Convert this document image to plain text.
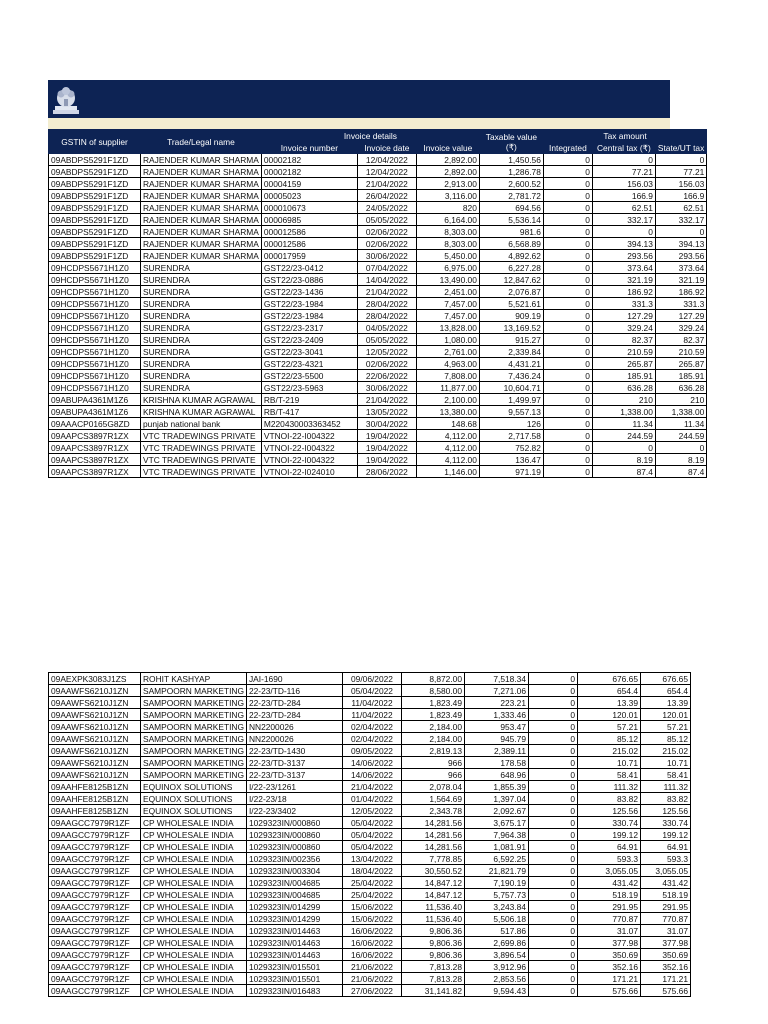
GSTIN of supplier	Trade/Legal name	Invoice details			Taxable value (₹)	Tax amount		
		Invoice number	Invoice date	Invoice value		Integrated	Central tax (₹)	State/UT tax
09ABDPS5291F1ZD	RAJENDER KUMAR SHARMA	00002182	12/04/2022	2,892.00	1,450.56	0	0	0
09ABDPS5291F1ZD	RAJENDER KUMAR SHARMA	00002182	12/04/2022	2,892.00	1,286.78	0	77.21	77.21
09ABDPS5291F1ZD	RAJENDER KUMAR SHARMA	00004159	21/04/2022	2,913.00	2,600.52	0	156.03	156.03
09ABDPS5291F1ZD	RAJENDER KUMAR SHARMA	00005023	26/04/2022	3,116.00	2,781.72	0	166.9	166.9
09ABDPS5291F1ZD	RAJENDER KUMAR SHARMA	000010673	24/05/2022	820	694.56	0	62.51	62.51
09ABDPS5291F1ZD	RAJENDER KUMAR SHARMA	00006985	05/05/2022	6,164.00	5,536.14	0	332.17	332.17
09ABDPS5291F1ZD	RAJENDER KUMAR SHARMA	000012586	02/06/2022	8,303.00	981.6	0	0	0
09ABDPS5291F1ZD	RAJENDER KUMAR SHARMA	000012586	02/06/2022	8,303.00	6,568.89	0	394.13	394.13
09ABDPS5291F1ZD	RAJENDER KUMAR SHARMA	000017959	30/06/2022	5,450.00	4,892.62	0	293.56	293.56
09HCDPS5671H1Z0	SURENDRA	GST22/23-0412	07/04/2022	6,975.00	6,227.28	0	373.64	373.64
09HCDPS5671H1Z0	SURENDRA	GST22/23-0886	14/04/2022	13,490.00	12,847.62	0	321.19	321.19
09HCDPS5671H1Z0	SURENDRA	GST22/23-1436	21/04/2022	2,451.00	2,076.87	0	186.92	186.92
09HCDPS5671H1Z0	SURENDRA	GST22/23-1984	28/04/2022	7,457.00	5,521.61	0	331.3	331.3
09HCDPS5671H1Z0	SURENDRA	GST22/23-1984	28/04/2022	7,457.00	909.19	0	127.29	127.29
09HCDPS5671H1Z0	SURENDRA	GST22/23-2317	04/05/2022	13,828.00	13,169.52	0	329.24	329.24
09HCDPS5671H1Z0	SURENDRA	GST22/23-2409	05/05/2022	1,080.00	915.27	0	82.37	82.37
09HCDPS5671H1Z0	SURENDRA	GST22/23-3041	12/05/2022	2,761.00	2,339.84	0	210.59	210.59
09HCDPS5671H1Z0	SURENDRA	GST22/23-4321	02/06/2022	4,963.00	4,431.21	0	265.87	265.87
09HCDPS5671H1Z0	SURENDRA	GST22/23-5500	22/06/2022	7,808.00	7,436.24	0	185.91	185.91
09HCDPS5671H1Z0	SURENDRA	GST22/23-5963	30/06/2022	11,877.00	10,604.71	0	636.28	636.28
09ABUPA4361M1Z6	KRISHNA KUMAR AGRAWAL	RB/T-219	21/04/2022	2,100.00	1,499.97	0	210	210
09ABUPA4361M1Z6	KRISHNA KUMAR AGRAWAL	RB/T-417	13/05/2022	13,380.00	9,557.13	0	1,338.00	1,338.00
09AAACP0165G8ZD	punjab national bank	M220430003363452	30/04/2022	148.68	126	0	11.34	11.34
09AAPCS3897R1ZX	VTC TRADEWINGS PRIVATE	VTNOI-22-I004322	19/04/2022	4,112.00	2,717.58	0	244.59	244.59
09AAPCS3897R1ZX	VTC TRADEWINGS PRIVATE	VTNOI-22-I004322	19/04/2022	4,112.00	752.82	0	0	0
09AAPCS3897R1ZX	VTC TRADEWINGS PRIVATE	VTNOI-22-I004322	19/04/2022	4,112.00	136.47	0	8.19	8.19
09AAPCS3897R1ZX	VTC TRADEWINGS PRIVATE	VTNOI-22-I024010	28/06/2022	1,146.00	971.19	0	87.4	87.4
09AEXPK3083J1ZS	ROHIT KASHYAP	JAI-1690	09/06/2022	8,872.00	7,518.34	0	676.65	676.65
09AAWFS6210J1ZN	SAMPOORN MARKETING	22-23/TD-116	05/04/2022	8,580.00	7,271.06	0	654.4	654.4
09AAWFS6210J1ZN	SAMPOORN MARKETING	22-23/TD-284	11/04/2022	1,823.49	223.21	0	13.39	13.39
09AAWFS6210J1ZN	SAMPOORN MARKETING	22-23/TD-284	11/04/2022	1,823.49	1,333.46	0	120.01	120.01
09AAWFS6210J1ZN	SAMPOORN MARKETING	NN2200026	02/04/2022	2,184.00	953.47	0	57.21	57.21
09AAWFS6210J1ZN	SAMPOORN MARKETING	NN2200026	02/04/2022	2,184.00	945.79	0	85.12	85.12
09AAWFS6210J1ZN	SAMPOORN MARKETING	22-23/TD-1430	09/05/2022	2,819.13	2,389.11	0	215.02	215.02
09AAWFS6210J1ZN	SAMPOORN MARKETING	22-23/TD-3137	14/06/2022	966	178.58	0	10.71	10.71
09AAWFS6210J1ZN	SAMPOORN MARKETING	22-23/TD-3137	14/06/2022	966	648.96	0	58.41	58.41
09AAHFE8125B1ZN	EQUINOX SOLUTIONS	I/22-23/1261	21/04/2022	2,078.04	1,855.39	0	111.32	111.32
09AAHFE8125B1ZN	EQUINOX SOLUTIONS	I/22-23/18	01/04/2022	1,564.69	1,397.04	0	83.82	83.82
09AAHFE8125B1ZN	EQUINOX SOLUTIONS	I/22-23/3402	12/05/2022	2,343.78	2,092.67	0	125.56	125.56
09AAGCC7979R1ZF	CP WHOLESALE INDIA	1029323IN/000860	05/04/2022	14,281.56	3,675.17	0	330.74	330.74
09AAGCC7979R1ZF	CP WHOLESALE INDIA	1029323IN/000860	05/04/2022	14,281.56	7,964.38	0	199.12	199.12
09AAGCC7979R1ZF	CP WHOLESALE INDIA	1029323IN/000860	05/04/2022	14,281.56	1,081.91	0	64.91	64.91
09AAGCC7979R1ZF	CP WHOLESALE INDIA	1029323IN/002356	13/04/2022	7,778.85	6,592.25	0	593.3	593.3
09AAGCC7979R1ZF	CP WHOLESALE INDIA	1029323IN/003304	18/04/2022	30,550.52	21,821.79	0	3,055.05	3,055.05
09AAGCC7979R1ZF	CP WHOLESALE INDIA	1029323IN/004685	25/04/2022	14,847.12	7,190.19	0	431.42	431.42
09AAGCC7979R1ZF	CP WHOLESALE INDIA	1029323IN/004685	25/04/2022	14,847.12	5,757.73	0	518.19	518.19
09AAGCC7979R1ZF	CP WHOLESALE INDIA	1029323IN/014299	15/06/2022	11,536.40	3,243.84	0	291.95	291.95
09AAGCC7979R1ZF	CP WHOLESALE INDIA	1029323IN/014299	15/06/2022	11,536.40	5,506.18	0	770.87	770.87
09AAGCC7979R1ZF	CP WHOLESALE INDIA	1029323IN/014463	16/06/2022	9,806.36	517.86	0	31.07	31.07
09AAGCC7979R1ZF	CP WHOLESALE INDIA	1029323IN/014463	16/06/2022	9,806.36	2,699.86	0	377.98	377.98
09AAGCC7979R1ZF	CP WHOLESALE INDIA	1029323IN/014463	16/06/2022	9,806.36	3,896.54	0	350.69	350.69
09AAGCC7979R1ZF	CP WHOLESALE INDIA	1029323IN/015501	21/06/2022	7,813.28	3,912.96	0	352.16	352.16
09AAGCC7979R1ZF	CP WHOLESALE INDIA	1029323IN/015501	21/06/2022	7,813.28	2,853.56	0	171.21	171.21
09AAGCC7979R1ZF	CP WHOLESALE INDIA	1029323IN/016483	27/06/2022	31,141.82	9,594.43	0	575.66	575.66
